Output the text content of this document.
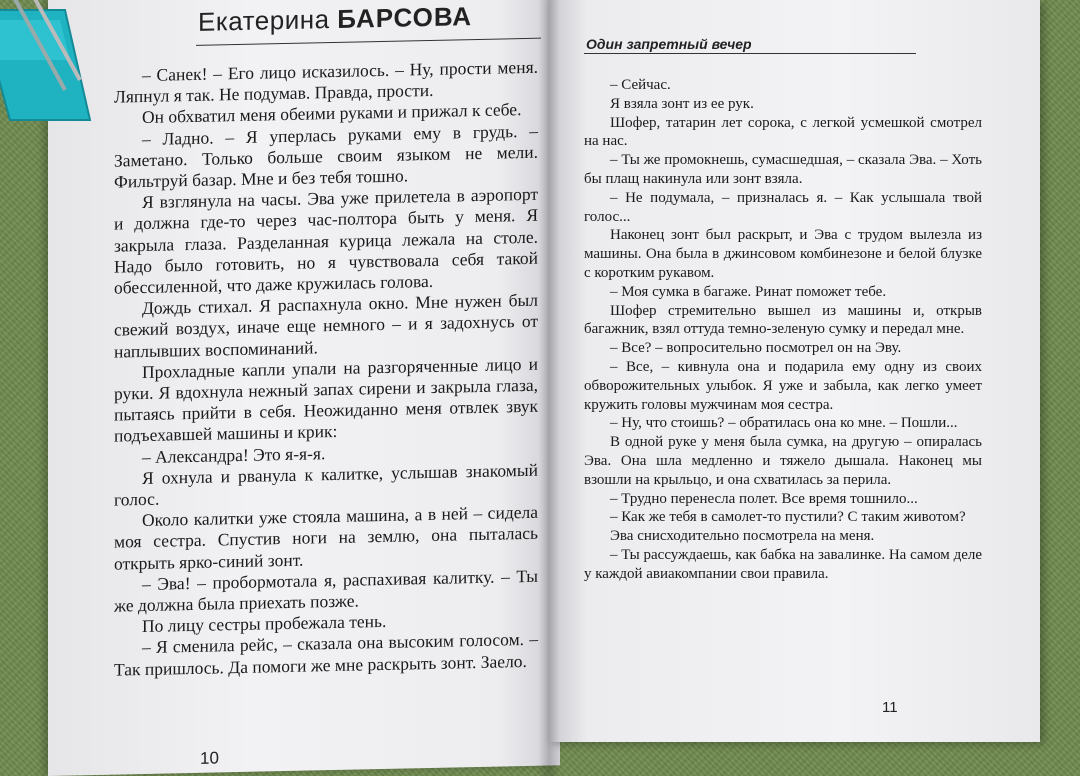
Екатерина БАРСОВА

– Санек! – Его лицо исказилось. – Ну, прости меня. Ляпнул я так. Не подумав. Правда, прости.

Он обхватил меня обеими руками и прижал к себе.

– Ладно. – Я уперлась руками ему в грудь. – Заметано. Только больше своим языком не мели. Фильтруй базар. Мне и без тебя тошно.

Я взглянула на часы. Эва уже прилетела в аэропорт и должна где-то через час-полтора быть у меня. Я закрыла глаза. Разделанная курица лежала на столе. Надо было готовить, но я чувствовала себя такой обессиленной, что даже кружилась голова.

Дождь стихал. Я распахнула окно. Мне нужен был свежий воздух, иначе еще немного – и я задохнусь от наплывших воспоминаний.

Прохладные капли упали на разгоряченные лицо и руки. Я вдохнула нежный запах сирени и закрыла глаза, пытаясь прийти в себя. Неожиданно меня отвлек звук подъехавшей машины и крик:

– Александра! Это я-я-я.

Я охнула и рванула к калитке, услышав знакомый голос.

Около калитки уже стояла машина, а в ней – сидела моя сестра. Спустив ноги на землю, она пыталась открыть ярко-синий зонт.

– Эва! – пробормотала я, распахивая калитку. – Ты же должна была приехать позже.

По лицу сестры пробежала тень.

– Я сменила рейс, – сказала она высоким голосом. – Так пришлось. Да помоги же мне раскрыть зонт. Заело.

10
Один запретный вечер

– Сейчас.

Я взяла зонт из ее рук.

Шофер, татарин лет сорока, с легкой усмешкой смотрел на нас.

– Ты же промокнешь, сумасшедшая, – сказала Эва. – Хоть бы плащ накинула или зонт взяла.

– Не подумала, – призналась я. – Как услышала твой голос...

Наконец зонт был раскрыт, и Эва с трудом вылезла из машины. Она была в джинсовом комбинезоне и белой блузке с коротким рукавом.

– Моя сумка в багаже. Ринат поможет тебе.

Шофер стремительно вышел из машины и, открыв багажник, взял оттуда темно-зеленую сумку и передал мне.

– Все? – вопросительно посмотрел он на Эву.

– Все, – кивнула она и подарила ему одну из своих обворожительных улыбок. Я уже и забыла, как легко умеет кружить головы мужчинам моя сестра.

– Ну, что стоишь? – обратилась она ко мне. – Пошли...

В одной руке у меня была сумка, на другую – опиралась Эва. Она шла медленно и тяжело дышала. Наконец мы взошли на крыльцо, и она схватилась за перила.

– Трудно перенесла полет. Все время тошнило...

– Как же тебя в самолет-то пустили? С таким животом?

Эва снисходительно посмотрела на меня.

– Ты рассуждаешь, как бабка на завалинке. На самом деле у каждой авиакомпании свои правила.

11
